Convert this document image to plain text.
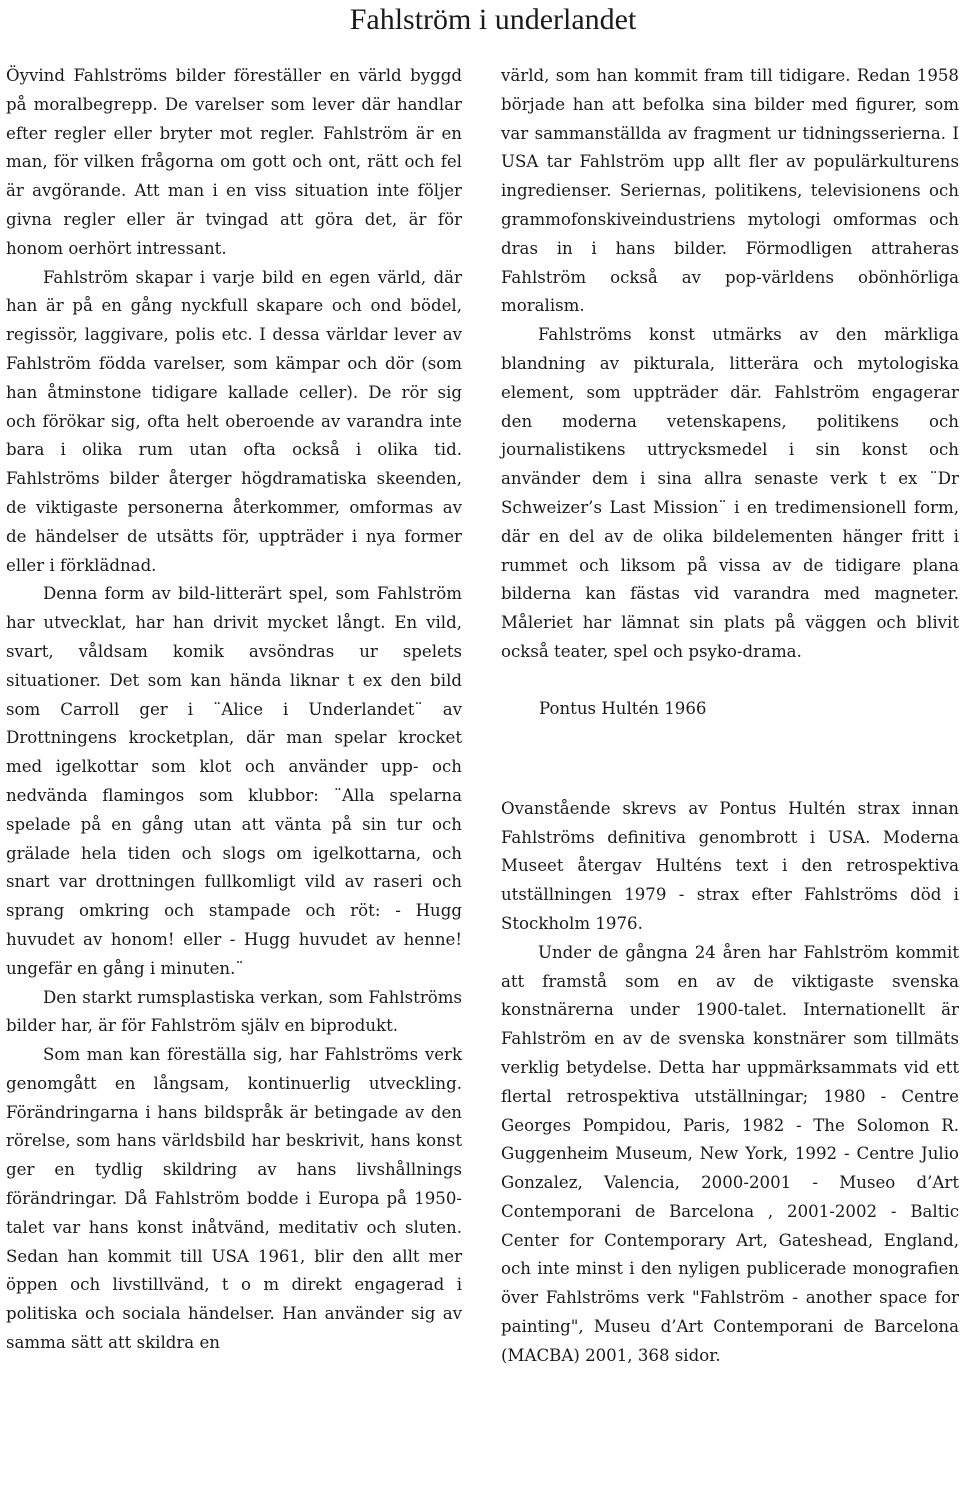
Fahlström i underlandet

Öyvind Fahlströms bilder föreställer en värld byggd på moralbegrepp. De varelser som lever där handlar efter regler eller bryter mot regler. Fahlström är en man, för vilken frågorna om gott och ont, rätt och fel är avgörande. Att man i en viss situation inte följer givna regler eller är tvingad att göra det, är för honom oerhört intressant.

Fahlström skapar i varje bild en egen värld, där han är på en gång nyckfull skapare och ond bödel, regissör, laggivare, polis etc. I dessa världar lever av Fahlström födda varelser, som kämpar och dör (som han åtminstone tidigare kallade celler). De rör sig och förökar sig, ofta helt oberoende av varandra inte bara i olika rum utan ofta också i olika tid. Fahlströms bilder återger högdramatiska skeenden, de viktigaste personerna återkommer, omformas av de händelser de utsätts för, uppträder i nya former eller i förklädnad.

Denna form av bild-litterärt spel, som Fahlström har utvecklat, har han drivit mycket långt. En vild, svart, våldsam komik avsöndras ur spelets situationer. Det som kan hända liknar t ex den bild som Carroll ger i ¨Alice i Underlandet¨ av Drottningens krocketplan, där man spelar krocket med igelkottar som klot och använder upp- och nedvända flamingos som klubbor: ¨Alla spelarna spelade på en gång utan att vänta på sin tur och grälade hela tiden och slogs om igelkottarna, och snart var drottningen fullkomligt vild av raseri och sprang omkring och stampade och röt: - Hugg huvudet av honom! eller - Hugg huvudet av henne! ungefär en gång i minuten.¨

Den starkt rumsplastiska verkan, som Fahlströms bilder har, är för Fahlström själv en biprodukt.

Som man kan föreställa sig, har Fahlströms verk genomgått en långsam, kontinuerlig utveckling. Förändringarna i hans bildspråk är betingade av den rörelse, som hans världsbild har beskrivit, hans konst ger en tydlig skildring av hans livshållnings förändringar. Då Fahlström bodde i Europa på 1950-talet var hans konst inåtvänd, meditativ och sluten. Sedan han kommit till USA 1961, blir den allt mer öppen och livstillvänd, t o m direkt engagerad i politiska och sociala händelser. Han använder sig av samma sätt att skildra en

värld, som han kommit fram till tidigare. Redan 1958 började han att befolka sina bilder med figurer, som var sammanställda av fragment ur tidningsserierna. I USA tar Fahlström upp allt fler av populärkulturens ingredienser. Seriernas, politikens, televisionens och grammofonskiveindustriens mytologi omformas och dras in i hans bilder. Förmodligen attraheras Fahlström också av pop-världens obönhörliga moralism.

Fahlströms konst utmärks av den märkliga blandning av pikturala, litterära och mytologiska element, som uppträder där. Fahlström engagerar den moderna vetenskapens, politikens och journalistikens uttrycksmedel i sin konst och använder dem i sina allra senaste verk t ex ¨Dr Schweizer’s Last Mission¨ i en tredimensionell form, där en del av de olika bildelementen hänger fritt i rummet och liksom på vissa av de tidigare plana bilderna kan fästas vid varandra med magneter. Måleriet har lämnat sin plats på väggen och blivit också teater, spel och psyko-drama.

Pontus Hultén 1966

Ovanstående skrevs av Pontus Hultén strax innan Fahlströms definitiva genombrott i USA. Moderna Museet återgav Hulténs text i den retrospektiva utställningen 1979 - strax efter Fahlströms död i Stockholm 1976.

Under de gångna 24 åren har Fahlström kommit att framstå som en av de viktigaste svenska konstnärerna under 1900-talet. Internationellt är Fahlström en av de svenska konstnärer som tillmäts verklig betydelse. Detta har uppmärksammats vid ett flertal retrospektiva utställningar; 1980 - Centre Georges Pompidou, Paris, 1982 - The Solomon R. Guggenheim Museum, New York, 1992 - Centre Julio Gonzalez, Valencia, 2000-2001 - Museo d’Art Contemporani de Barcelona , 2001-2002 - Baltic Center for Contemporary Art, Gateshead, England, och inte minst i den nyligen publicerade monografien över Fahlströms verk "Fahlström - another space for painting", Museu d’Art Contemporani de Barcelona (MACBA) 2001, 368 sidor.
